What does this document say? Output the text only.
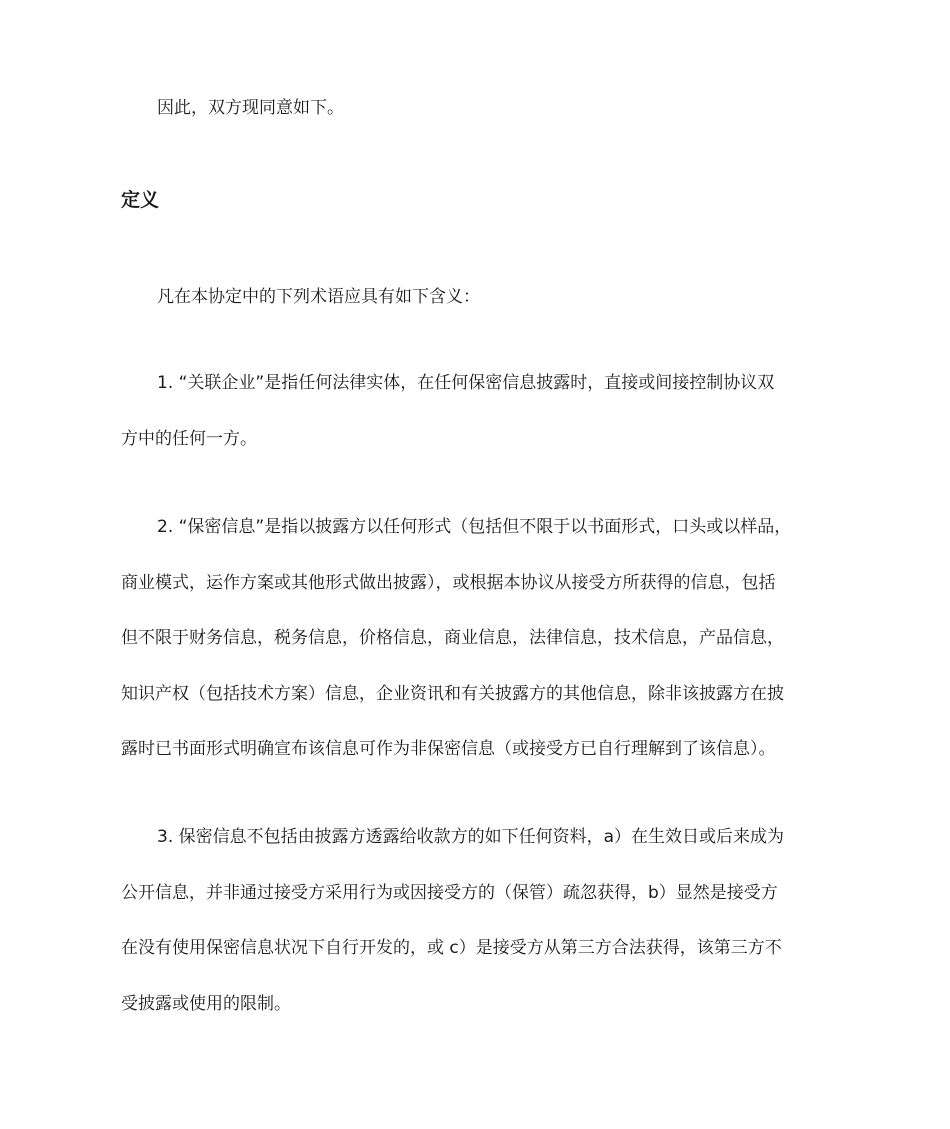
因此，双方现同意如下。

定义

凡在本协定中的下列术语应具有如下含义：

1. “关联企业”是指任何法律实体，在任何保密信息披露时，直接或间接控制协议双
方中的任何一方。

2. “保密信息”是指以披露方以任何形式（包括但不限于以书面形式，口头或以样品，
商业模式，运作方案或其他形式做出披露），或根据本协议从接受方所获得的信息，包括
但不限于财务信息，税务信息，价格信息，商业信息，法律信息，技术信息，产品信息，
知识产权（包括技术方案）信息，企业资讯和有关披露方的其他信息，除非该披露方在披
露时已书面形式明确宣布该信息可作为非保密信息（或接受方已自行理解到了该信息）。

3. 保密信息不包括由披露方透露给收款方的如下任何资料，a）在生效日或后来成为
公开信息，并非通过接受方采用行为或因接受方的（保管）疏忽获得，b）显然是接受方
在没有使用保密信息状况下自行开发的，或 c）是接受方从第三方合法获得，该第三方不
受披露或使用的限制。
